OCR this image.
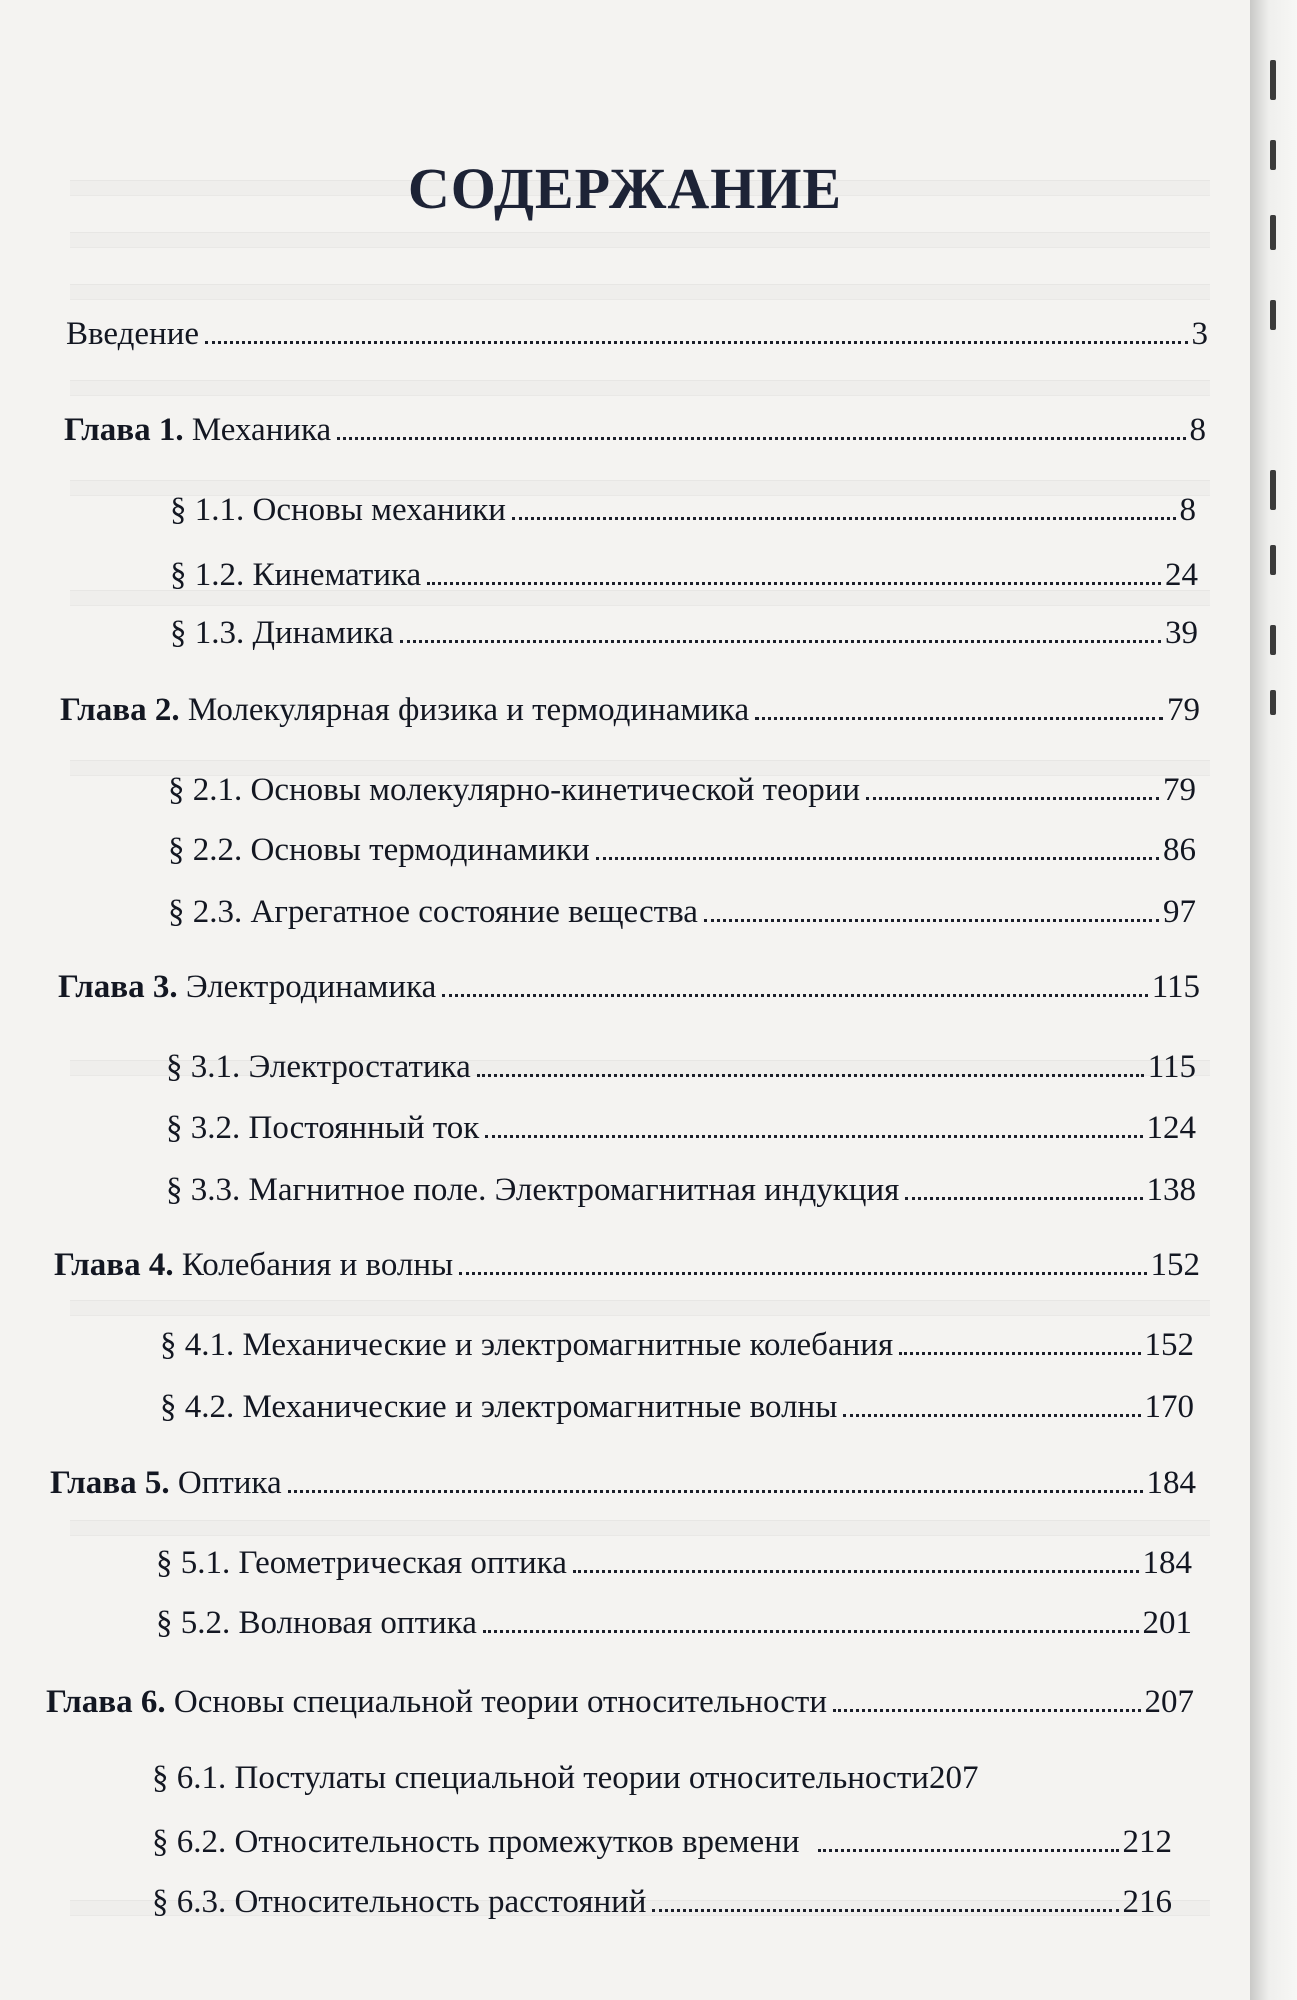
СОДЕРЖАНИЕ
Введение	3
Глава 1. Механика	8
§ 1.1. Основы механики	8
§ 1.2. Кинематика	24
§ 1.3. Динамика	39
Глава 2. Молекулярная физика и термодинамика	79
§ 2.1. Основы молекулярно-кинетической теории	79
§ 2.2. Основы термодинамики	86
§ 2.3. Агрегатное состояние вещества	97
Глава 3. Электродинамика	115
§ 3.1. Электростатика	115
§ 3.2. Постоянный ток	124
§ 3.3. Магнитное поле. Электромагнитная индукция	138
Глава 4. Колебания и волны	152
§ 4.1. Механические и электромагнитные колебания	152
§ 4.2. Механические и электромагнитные волны	170
Глава 5. Оптика	184
§ 5.1. Геометрическая оптика	184
§ 5.2. Волновая оптика	201
Глава 6. Основы специальной теории относительности	207
§ 6.1. Постулаты специальной теории относительности 207
§ 6.2. Относительность промежутков времени	212
§ 6.3. Относительность расстояний	216
